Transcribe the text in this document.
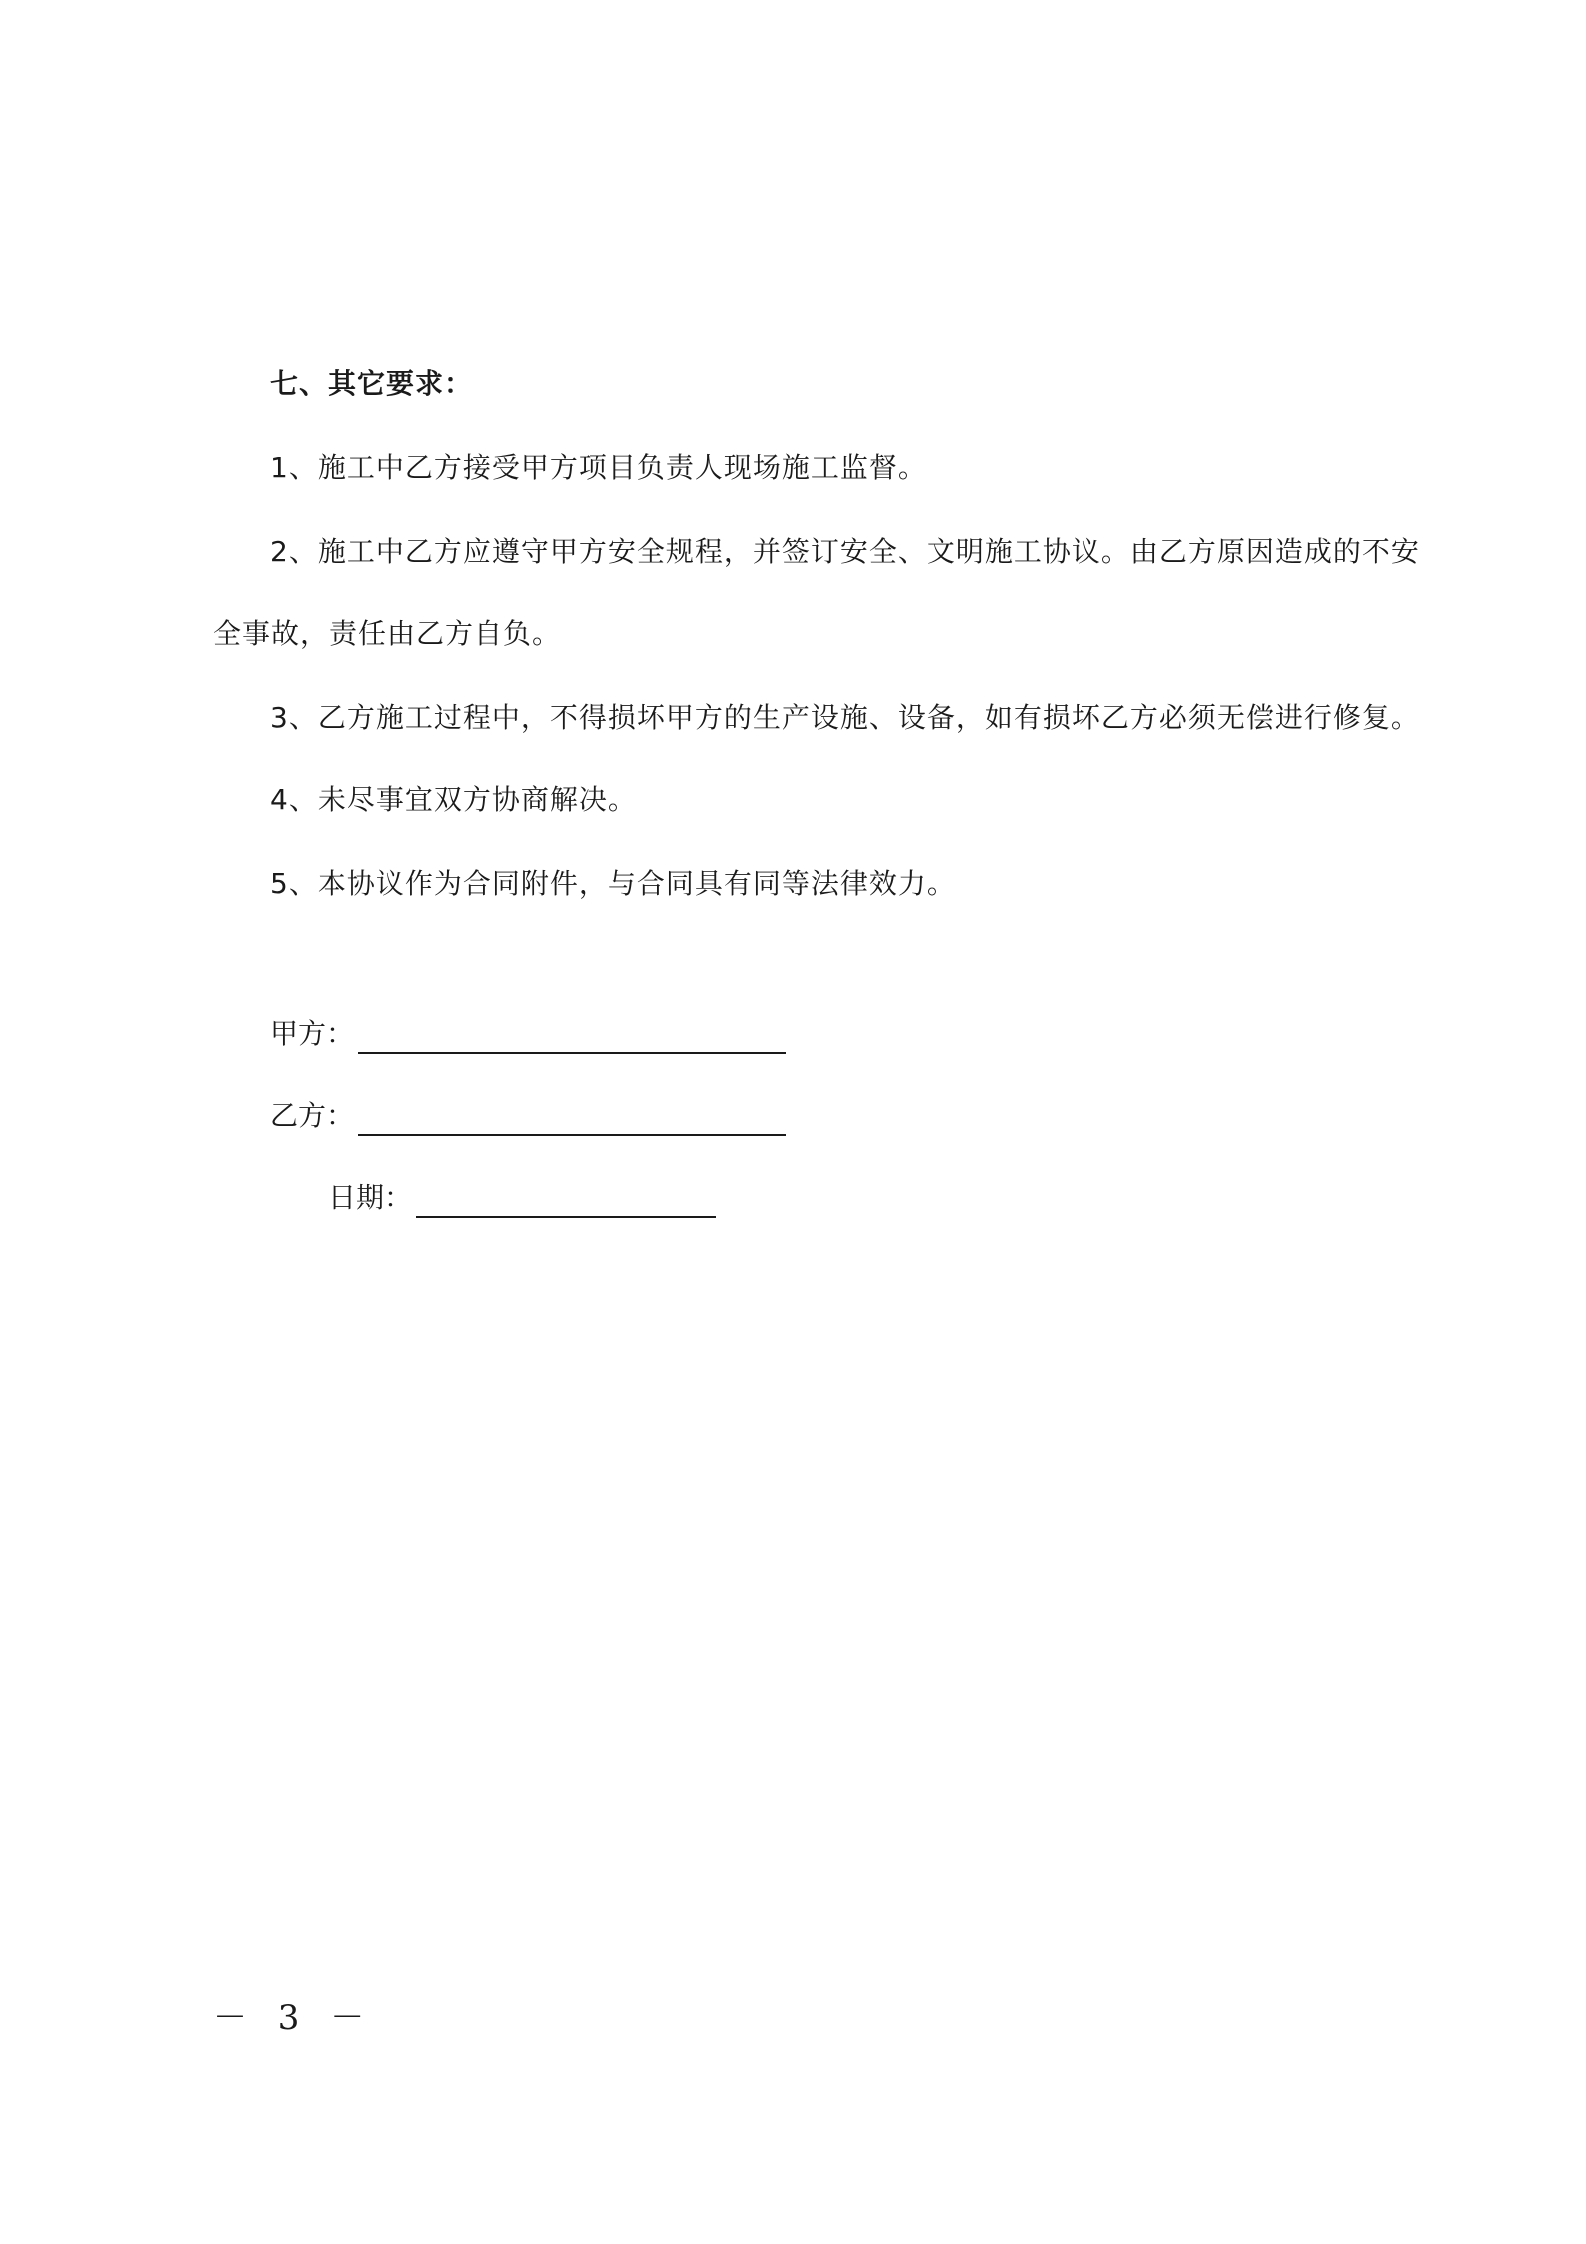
七、其它要求：
1、施工中乙方接受甲方项目负责人现场施工监督。
2、施工中乙方应遵守甲方安全规程，并签订安全、文明施工协议。由乙方原因造成的不安
全事故，责任由乙方自负。
3、乙方施工过程中，不得损坏甲方的生产设施、设备，如有损坏乙方必须无偿进行修复。
4、未尽事宜双方协商解决。
5、本协议作为合同附件，与合同具有同等法律效力。
甲方：
乙方：
日期：
－ 3 －
